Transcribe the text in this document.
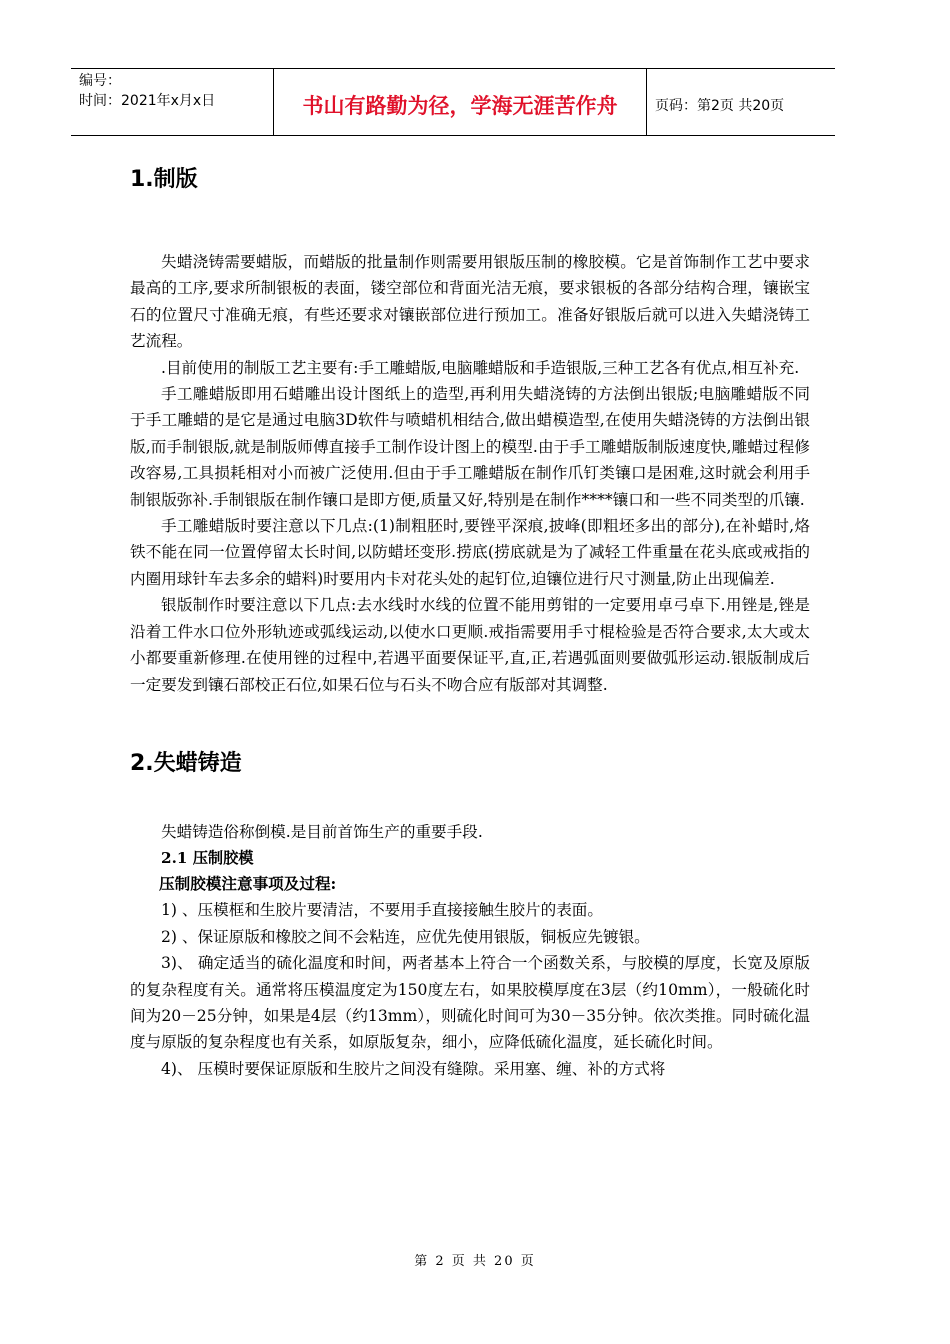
编号：
时间：2021年x月x日	书山有路勤为径，学海无涯苦作舟	页码：第2页 共20页
1.制版

失蜡浇铸需要蜡版，而蜡版的批量制作则需要用银版压制的橡胶模。它是首饰制作工艺中要求最高的工序,要求所制银板的表面，镂空部位和背面光洁无痕，要求银板的各部分结构合理，镶嵌宝石的位置尺寸准确无痕，有些还要求对镶嵌部位进行预加工。准备好银版后就可以进入失蜡浇铸工艺流程。

.目前使用的制版工艺主要有:手工雕蜡版,电脑雕蜡版和手造银版,三种工艺各有优点,相互补充.

手工雕蜡版即用石蜡雕出设计图纸上的造型,再利用失蜡浇铸的方法倒出银版;电脑雕蜡版不同于手工雕蜡的是它是通过电脑3D软件与喷蜡机相结合,做出蜡模造型,在使用失蜡浇铸的方法倒出银版,而手制银版,就是制版师傅直接手工制作设计图上的模型.由于手工雕蜡版制版速度快,雕蜡过程修改容易,工具损耗相对小而被广泛使用.但由于手工雕蜡版在制作爪钉类镶口是困难,这时就会利用手制银版弥补.手制银版在制作镶口是即方便,质量又好,特别是在制作****镶口和一些不同类型的爪镶.

手工雕蜡版时要注意以下几点:(1)制粗胚时,要锉平深痕,披峰(即粗坯多出的部分),在补蜡时,烙铁不能在同一位置停留太长时间,以防蜡坯变形.捞底(捞底就是为了减轻工件重量在花头底或戒指的内圈用球针车去多余的蜡料)时要用内卡对花头处的起钉位,迫镶位进行尺寸测量,防止出现偏差.

银版制作时要注意以下几点:去水线时水线的位置不能用剪钳的一定要用卓弓卓下.用锉是,锉是沿着工件水口位外形轨迹或弧线运动,以使水口更顺.戒指需要用手寸棍检验是否符合要求,太大或太小都要重新修理.在使用锉的过程中,若遇平面要保证平,直,正,若遇弧面则要做弧形运动.银版制成后一定要发到镶石部校正石位,如果石位与石头不吻合应有版部对其调整.

2.失蜡铸造

失蜡铸造俗称倒模.是目前首饰生产的重要手段.

2.1 压制胶模
压制胶模注意事项及过程:

1) 、压模框和生胶片要清洁，不要用手直接接触生胶片的表面。

2) 、保证原版和橡胶之间不会粘连，应优先使用银版，铜板应先镀银。

3)、 确定适当的硫化温度和时间，两者基本上符合一个函数关系，与胶模的厚度，长宽及原版的复杂程度有关。通常将压模温度定为150度左右，如果胶模厚度在3层（约10mm），一般硫化时间为20－25分钟，如果是4层（约13mm），则硫化时间可为30－35分钟。依次类推。同时硫化温度与原版的复杂程度也有关系，如原版复杂，细小，应降低硫化温度，延长硫化时间。

4)、 压模时要保证原版和生胶片之间没有缝隙。采用塞、缠、补的方式将

第 2 页 共 20 页
